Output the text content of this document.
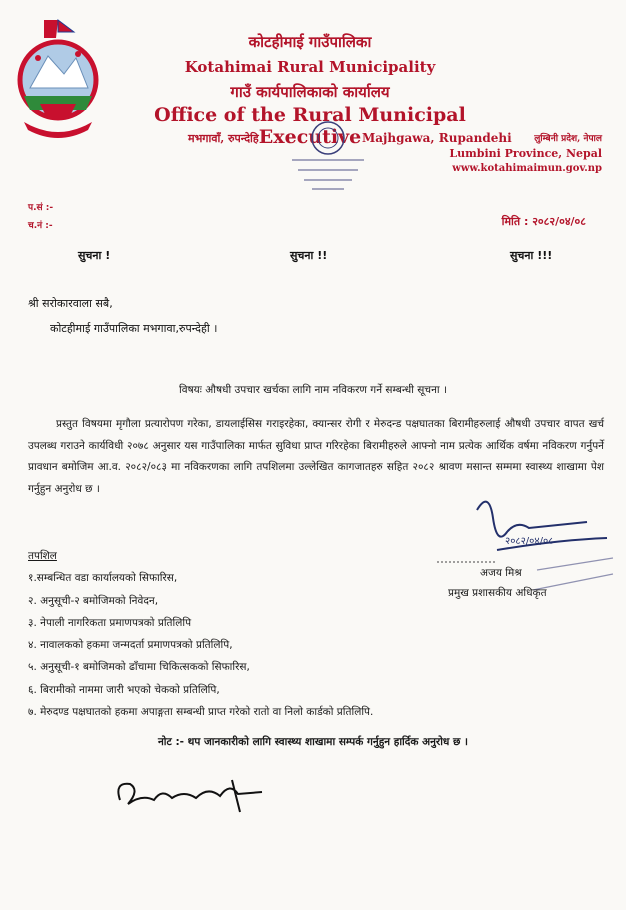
कोटहीमाई गाउँपालिका
Kotahimai Rural Municipality
गाउँ कार्यपालिकाको कार्यालय
Office of the Rural Municipal Executive
मभगावाँ, रुपन्देहि	Majhgawa, Rupandehi	लुम्बिनी प्रदेश, नेपाल
Lumbini Province, Nepal
www.kotahimaimun.gov.np
प.सं :-
च.नं :-	मिति : २०८२/०४/०८
सुचना !	सुचना !!	सुचना !!!
श्री सरोकारवाला सबै,
कोटहीमाई गाउँपालिका मभगावा,रुपन्देही ।
विषयः औषधी उपचार खर्चका लागि नाम नविकरण गर्ने सम्बन्धी सूचना ।
प्रस्तुत विषयमा मृगौला प्रत्यारोपण गरेका, डायलाईसिस गराइरहेका, क्यान्सर रोगी र मेरुदन्ड पक्षघातका बिरामीहरुलाई औषधी उपचार वापत खर्च उपलब्ध गराउने कार्यविधी २०७८ अनुसार यस गाउँपालिका मार्फत सुविधा प्राप्त गरिरहेका बिरामीहरुले आफ्नो नाम प्रत्येक आर्थिक वर्षमा नविकरण गर्नुपर्ने प्रावधान बमोजिम आ.व. २०८२/०८३ मा नविकरणका लागि तपशिलमा उल्लेखित कागजातहरु सहित २०८२ श्रावण मसान्त सम्ममा स्वास्थ्य शाखामा पेश गर्नुहुन अनुरोध छ ।
२०८२/०४/०८
अजय मिश्र
प्रमुख प्रशासकीय अधिकृत
तपशिल
१.सम्बन्धित वडा कार्यालयको सिफारिस,
२. अनुसूची-२ बमोजिमको निवेदन,
३. नेपाली नागरिकता प्रमाणपत्रको प्रतिलिपि
४. नावालकको हकमा जन्मदर्ता प्रमाणपत्रको प्रतिलिपि,
५. अनुसूची-१ बमोजिमको ढाँचामा चिकित्सकको सिफारिस,
६. बिरामीको नाममा जारी भएको चेकको प्रतिलिपि,
७. मेरुदण्ड पक्षघातको हकमा अपाङ्गता सम्बन्धी प्राप्त गरेको रातो वा निलो कार्डको प्रतिलिपि.
नोट :- थप जानकारीको लागि स्वास्थ्य शाखामा सम्पर्क गर्नुहुन हार्दिक अनुरोध छ ।
